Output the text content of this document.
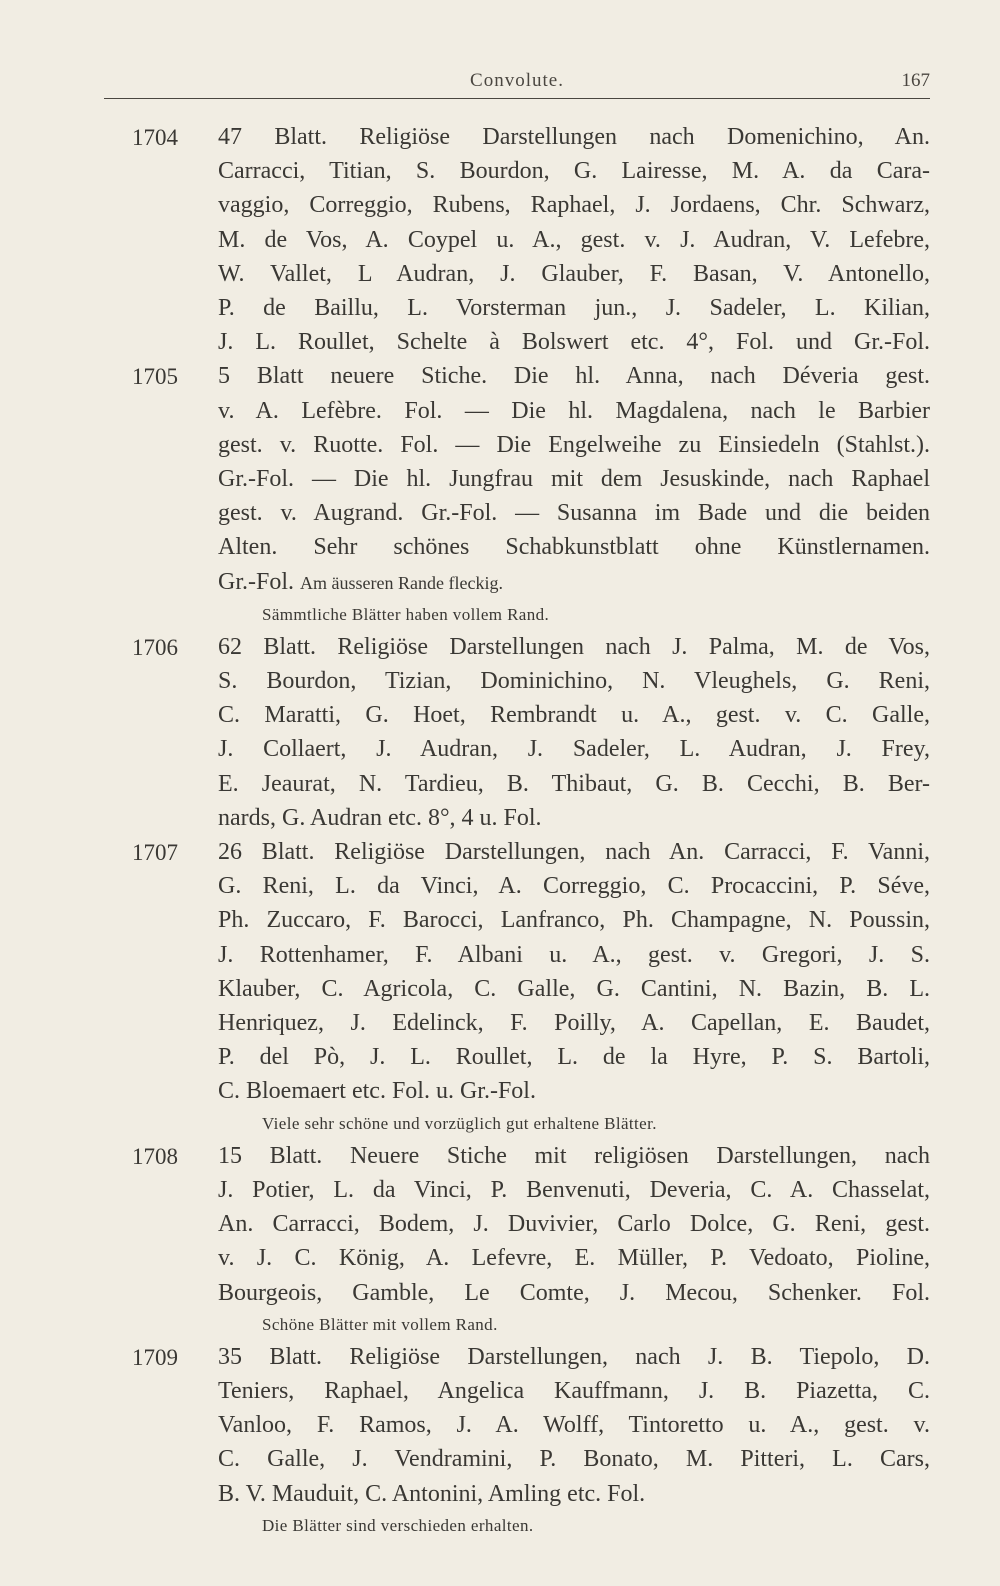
Convolute.	167
1704 47 Blatt. Religiöse Darstellungen nach Domenichino, An.
Carracci, Titian, S. Bourdon, G. Lairesse, M. A. da Cara-
vaggio, Correggio, Rubens, Raphael, J. Jordaens, Chr. Schwarz,
M. de Vos, A. Coypel u. A., gest. v. J. Audran, V. Lefebre,
W. Vallet, L Audran, J. Glauber, F. Basan, V. Antonello,
P. de Baillu, L. Vorsterman jun., J. Sadeler, L. Kilian,
J. L. Roullet, Schelte à Bolswert etc. 4°, Fol. und Gr.-Fol.
1705 5 Blatt neuere Stiche. Die hl. Anna, nach Déveria gest.
v. A. Lefèbre. Fol. — Die hl. Magdalena, nach le Barbier
gest. v. Ruotte. Fol. — Die Engelweihe zu Einsiedeln (Stahlst.).
Gr.-Fol. — Die hl. Jungfrau mit dem Jesuskinde, nach Raphael
gest. v. Augrand. Gr.-Fol. — Susanna im Bade und die beiden
Alten. Sehr schönes Schabkunstblatt ohne Künstlernamen.
Gr.-Fol. Am äusseren Rande fleckig.
Sämmtliche Blätter haben vollem Rand.
1706 62 Blatt. Religiöse Darstellungen nach J. Palma, M. de Vos,
S. Bourdon, Tizian, Dominichino, N. Vleughels, G. Reni,
C. Maratti, G. Hoet, Rembrandt u. A., gest. v. C. Galle,
J. Collaert, J. Audran, J. Sadeler, L. Audran, J. Frey,
E. Jeaurat, N. Tardieu, B. Thibaut, G. B. Cecchi, B. Ber-
nards, G. Audran etc. 8°, 4 u. Fol.
1707 26 Blatt. Religiöse Darstellungen, nach An. Carracci, F. Vanni,
G. Reni, L. da Vinci, A. Correggio, C. Procaccini, P. Séve,
Ph. Zuccaro, F. Barocci, Lanfranco, Ph. Champagne, N. Poussin,
J. Rottenhamer, F. Albani u. A., gest. v. Gregori, J. S.
Klauber, C. Agricola, C. Galle, G. Cantini, N. Bazin, B. L.
Henriquez, J. Edelinck, F. Poilly, A. Capellan, E. Baudet,
P. del Pò, J. L. Roullet, L. de la Hyre, P. S. Bartoli,
C. Bloemaert etc. Fol. u. Gr.-Fol.
Viele sehr schöne und vorzüglich gut erhaltene Blätter.
1708 15 Blatt. Neuere Stiche mit religiösen Darstellungen, nach
J. Potier, L. da Vinci, P. Benvenuti, Deveria, C. A. Chasselat,
An. Carracci, Bodem, J. Duvivier, Carlo Dolce, G. Reni, gest.
v. J. C. König, A. Lefevre, E. Müller, P. Vedoato, Pioline,
Bourgeois, Gamble, Le Comte, J. Mecou, Schenker. Fol.
Schöne Blätter mit vollem Rand.
1709 35 Blatt. Religiöse Darstellungen, nach J. B. Tiepolo, D.
Teniers, Raphael, Angelica Kauffmann, J. B. Piazetta, C.
Vanloo, F. Ramos, J. A. Wolff, Tintoretto u. A., gest. v.
C. Galle, J. Vendramini, P. Bonato, M. Pitteri, L. Cars,
B. V. Mauduit, C. Antonini, Amling etc. Fol.
Die Blätter sind verschieden erhalten.
